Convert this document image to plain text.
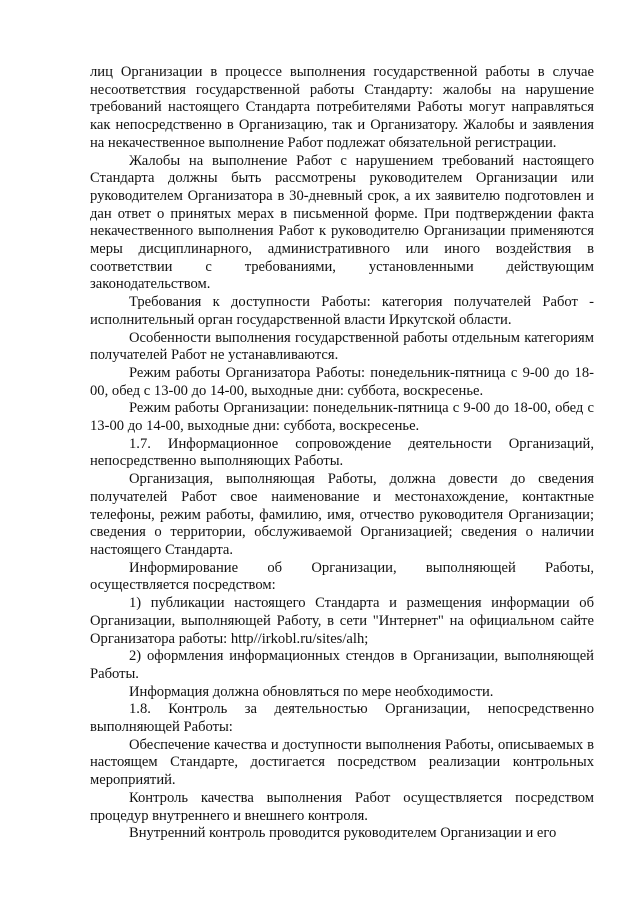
лиц Организации в процессе выполнения государственной работы в случае несоответствия государственной работы Стандарту: жалобы на нарушение требований настоящего Стандарта потребителями Работы могут направляться как непосредственно в Организацию, так и Организатору. Жалобы и заявления на некачественное выполнение Работ подлежат обязательной регистрации.

Жалобы на выполнение Работ с нарушением требований настоящего Стандарта должны быть рассмотрены руководителем Организации или руководителем Организатора в 30-дневный срок, а их заявителю подготовлен и дан ответ о принятых мерах в письменной форме. При подтверждении факта некачественного выполнения Работ к руководителю Организации применяются меры дисциплинарного, административного или иного воздействия в соответствии с требованиями, установленными действующим законодательством.

Требования к доступности Работы: категория получателей Работ - исполнительный орган государственной власти Иркутской области.

Особенности выполнения государственной работы отдельным категориям получателей Работ не устанавливаются.

Режим работы Организатора Работы: понедельник-пятница с 9-00 до 18-00, обед с 13-00 до 14-00, выходные дни: суббота, воскресенье.

Режим работы Организации: понедельник-пятница с 9-00 до 18-00, обед с 13-00 до 14-00, выходные дни: суббота, воскресенье.

1.7. Информационное сопровождение деятельности Организаций, непосредственно выполняющих Работы.

Организация, выполняющая Работы, должна довести до сведения получателей Работ свое наименование и местонахождение, контактные телефоны, режим работы, фамилию, имя, отчество руководителя Организации; сведения о территории, обслуживаемой Организацией; сведения о наличии настоящего Стандарта.

Информирование об Организации, выполняющей Работы, осуществляется посредством:

1) публикации настоящего Стандарта и размещения информации об Организации, выполняющей Работу, в сети "Интернет" на официальном сайте Организатора работы: http//irkobl.ru/sites/alh;

2) оформления информационных стендов в Организации, выполняющей Работы.

Информация должна обновляться по мере необходимости.

1.8. Контроль за деятельностью Организации, непосредственно выполняющей Работы:

Обеспечение качества и доступности выполнения Работы, описываемых в настоящем Стандарте, достигается посредством реализации контрольных мероприятий.

Контроль качества выполнения Работ осуществляется посредством процедур внутреннего и внешнего контроля.

Внутренний контроль проводится руководителем Организации и его
